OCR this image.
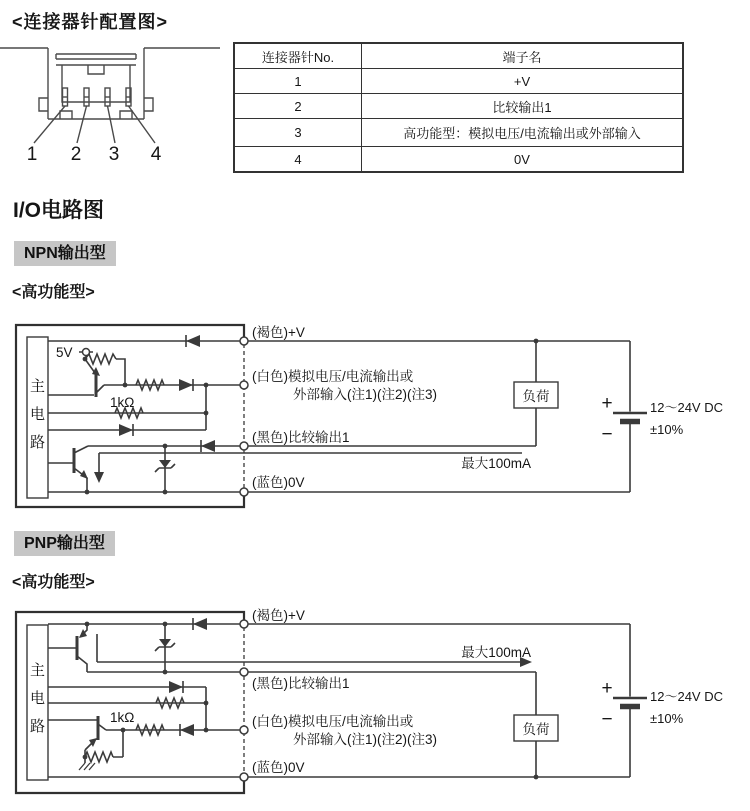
<连接器针配置图>
1 2 3 4
连接器针No.	端子名
1	+V
2	比较输出1
3	高功能型：模拟电压/电流输出或外部输入
4	0V
I/O电路图
NPN输出型
<高功能型>
负荷
5V
1kΩ
(褐色)+V
(白色)模拟电压/电流输出或
外部输入(注1)(注2)(注3)
(黑色)比较输出1
最大100mA
(蓝色)0V
+
−
12～24V DC
±10%
主电路
PNP输出型
<高功能型>
负荷
1kΩ
(褐色)+V
最大100mA
(黑色)比较输出1
(白色)模拟电压/电流输出或
外部输入(注1)(注2)(注3)
(蓝色)0V
+
−
12～24V DC
±10%
主电路
